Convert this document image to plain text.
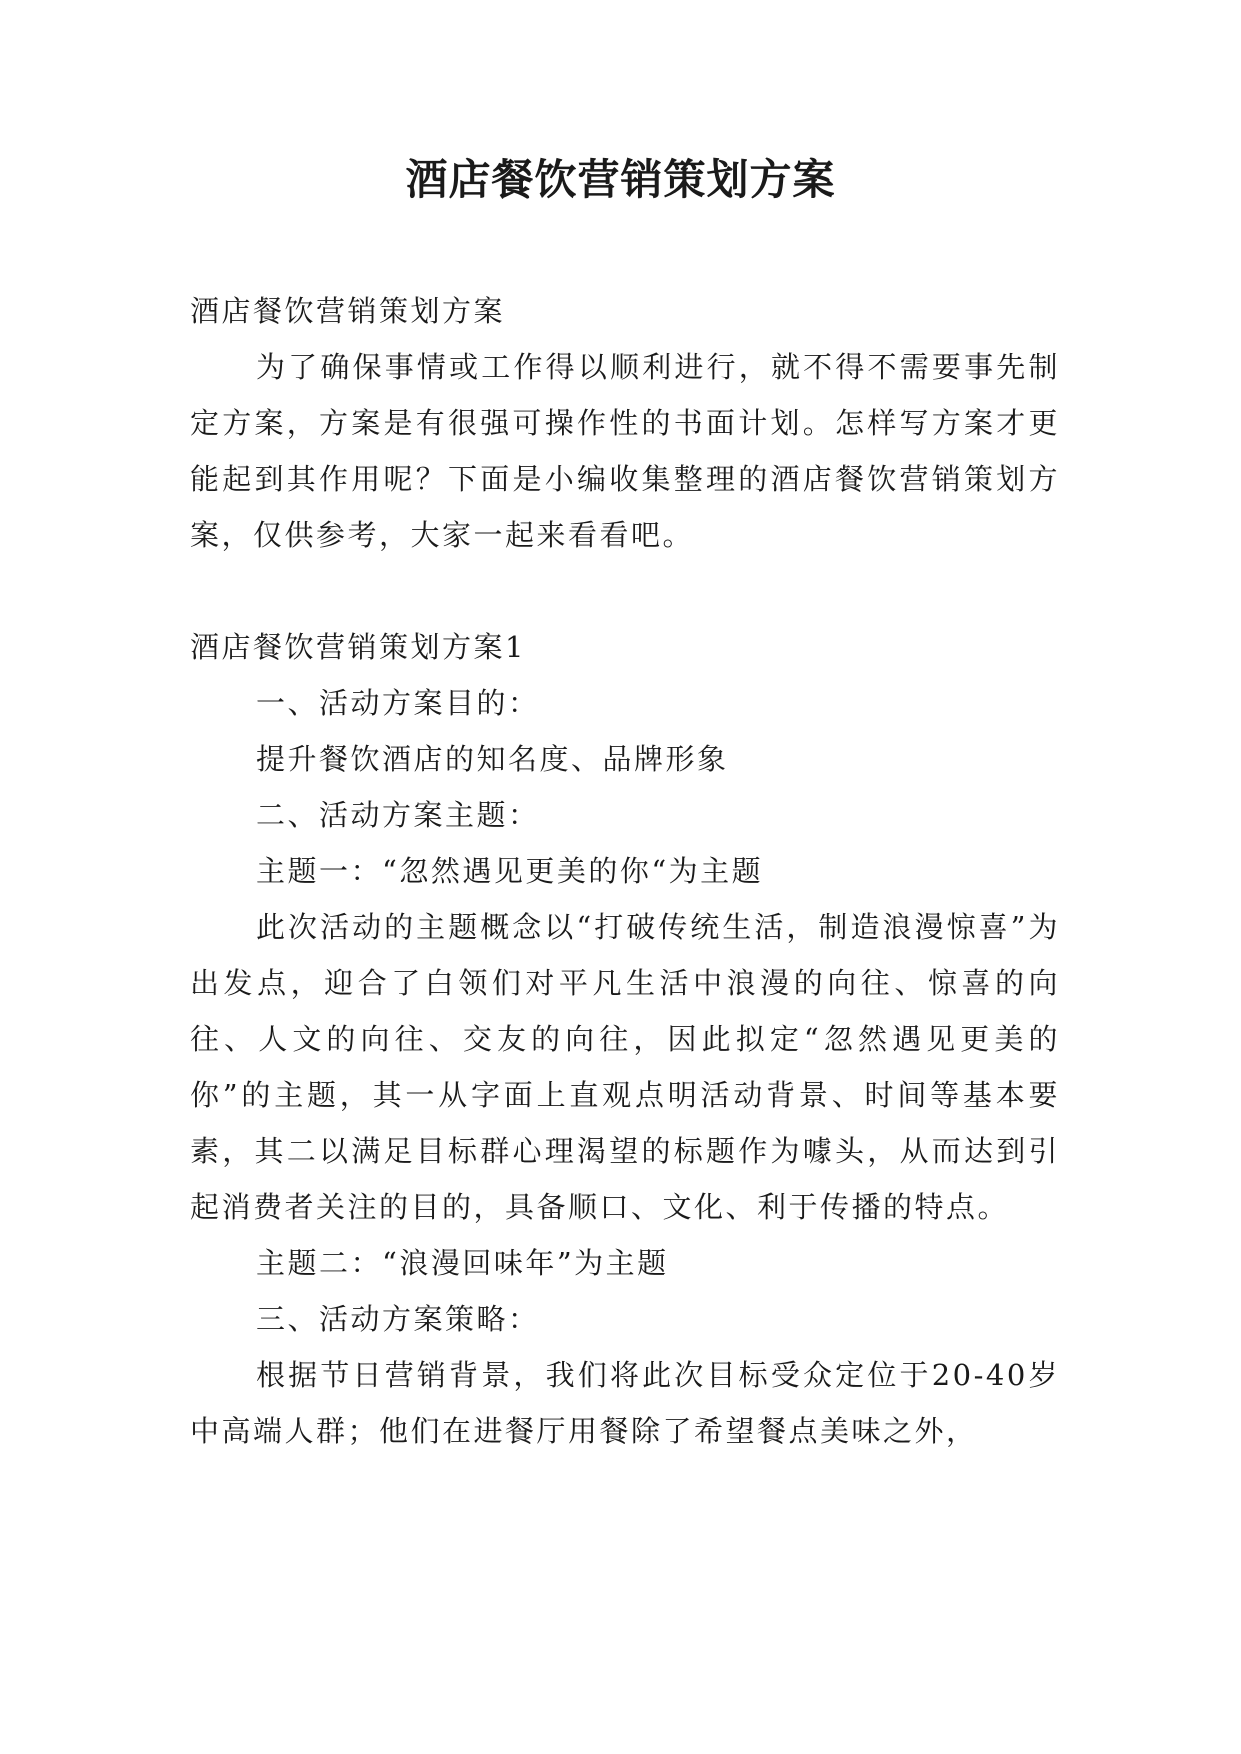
酒店餐饮营销策划方案

酒店餐饮营销策划方案

为了确保事情或工作得以顺利进行，就不得不需要事先制定方案，方案是有很强可操作性的书面计划。怎样写方案才更能起到其作用呢？下面是小编收集整理的酒店餐饮营销策划方案，仅供参考，大家一起来看看吧。

酒店餐饮营销策划方案1

一、活动方案目的：

提升餐饮酒店的知名度、品牌形象

二、活动方案主题：

主题一：“忽然遇见更美的你“为主题

此次活动的主题概念以“打破传统生活，制造浪漫惊喜”为出发点，迎合了白领们对平凡生活中浪漫的向往、惊喜的向往、人文的向往、交友的向往，因此拟定“忽然遇见更美的你”的主题，其一从字面上直观点明活动背景、时间等基本要素，其二以满足目标群心理渴望的标题作为噱头，从而达到引起消费者关注的目的，具备顺口、文化、利于传播的特点。

主题二：“浪漫回味年”为主题

三、活动方案策略：

根据节日营销背景，我们将此次目标受众定位于20-40岁中高端人群；他们在进餐厅用餐除了希望餐点美味之外，
